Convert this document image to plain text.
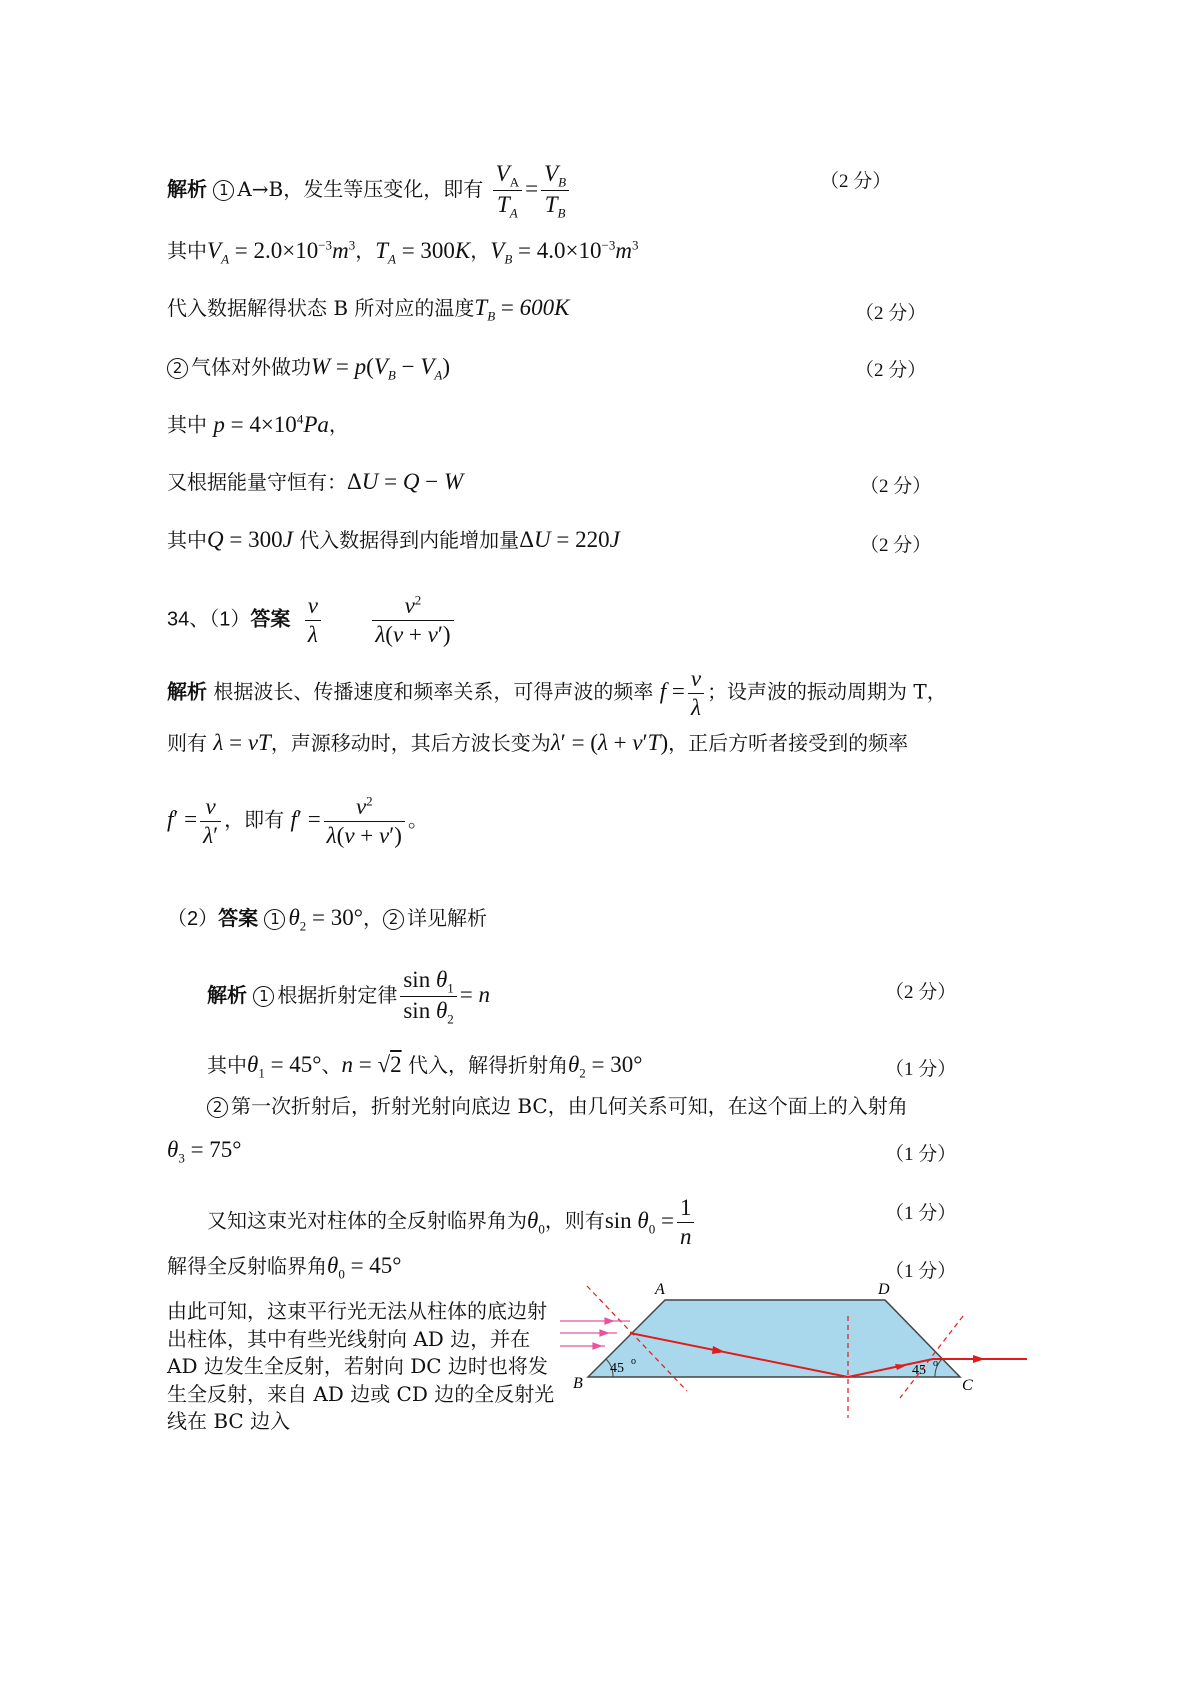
解析 1 A→B，发生等压变化，即有 $\frac{V_A}{T_A} = \frac{V_B}{T_B}$	（2 分）
其中$V_A = 2.0\times 10^{-3}m^3$，$T_A = 300K$，$V_B = 4.0\times 10^{-3}m^3$
代入数据解得状态 B 所对应的温度$T_B = 600K$	（2 分）
2 气体对外做功$W = p(V_B - V_A)$	（2 分）
其中 $p = 4\times 10^4Pa$，
又根据能量守恒有：ΔU = Q − W	（2 分）
其中Q = 300J 代入数据得到内能增加量ΔU = 220J	（2 分）
34、（1）答案 $\frac{v}{\lambda}$
$\frac{v^2}{\lambda(v + v')}$
解析 根据波长、传播速度和频率关系，可得声波的频率 $f = \frac{v}{\lambda}$ ；设声波的振动周期为 T，
则有 λ = vT，声源移动时，其后方波长变为λ′ = (λ + v′T)，正后方听者接受到的频率
$f' = \frac{v}{\lambda'}$ ，即有 $f' = \frac{v^2}{\lambda(v + v')}$ 。
（2）答案 1 $\theta_2 = 30^\circ$， 2 详见解析
解析 1 根据折射定律 $\frac{\sin \theta_1}{\sin \theta_2} = n$	（2 分）
其中$\theta_1 = 45^\circ$、n = √2 代入，解得折射角$\theta_2 = 30^\circ$	（1 分）
2 第一次折射后，折射光射向底边 BC，由几何关系可知，在这个面上的入射角
$\theta_3 = 75^\circ$	（1 分）
又知这束光对柱体的全反射临界角为$\theta_0$，则有$\sin \theta_0 = \frac{1}{n}$	（1 分）
解得全反射临界角$\theta_0 = 45^\circ$	（1 分）
由此可知，这束平行光无法从柱体的底边射出柱体，其中有些光线射向 AD 边，并在 AD 边发生全反射，若射向 DC 边时也将发生全反射，来自 AD 边或 CD 边的全反射光线在 BC 边入
A	D
B	C
45 o
45 o
